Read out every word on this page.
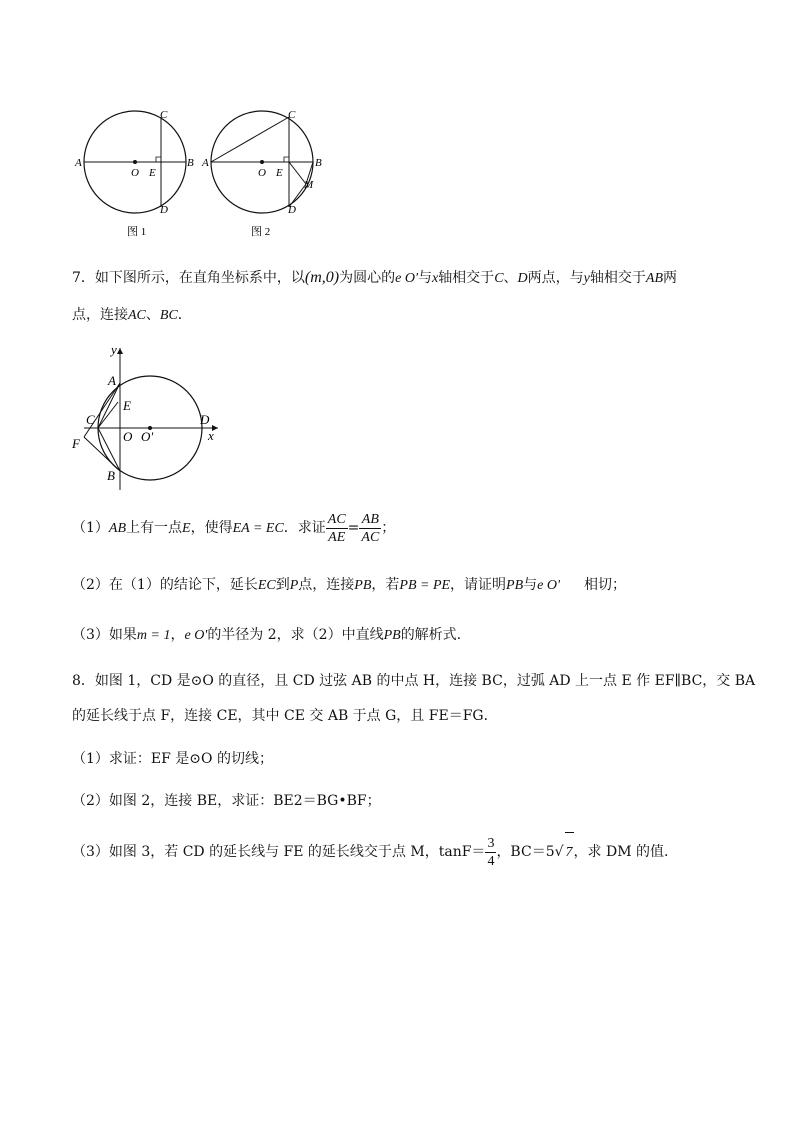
A	B
C
D
O E
图 1
A	B
C
D
O E
M
图 2
7．如下图所示，在直角坐标系中，以(m,0)为圆心的e O'与x轴相交于C、D两点，与y轴相交于AB两
点，连接AC、BC．
y
x
A
E
C	D
F	O O'
B
（1）AB上有一点E，使得EA = EC．求证 $\frac{AC}{AE} = \frac{AB}{AC}$ ；
（2）在（1）的结论下，延长EC到P点，连接PB，若PB = PE，请证明PB与e O' 相切；
（3）如果m = 1，e O'的半径为 2，求（2）中直线PB的解析式.
8．如图 1，CD 是⊙O 的直径，且 CD 过弦 AB 的中点 H，连接 BC，过弧 AD 上一点 E 作 EF∥BC，交 BA
的延长线于点 F，连接 CE，其中 CE 交 AB 于点 G，且 FE＝FG．
（1）求证：EF 是⊙O 的切线；
（2）如图 2，连接 BE，求证：BE2＝BG•BF；
（3）如图 3，若 CD 的延长线与 FE 的延长线交于点 M，$\tan F= \frac{3}{4}$ ，BC＝5√ 7，求 DM 的值.
